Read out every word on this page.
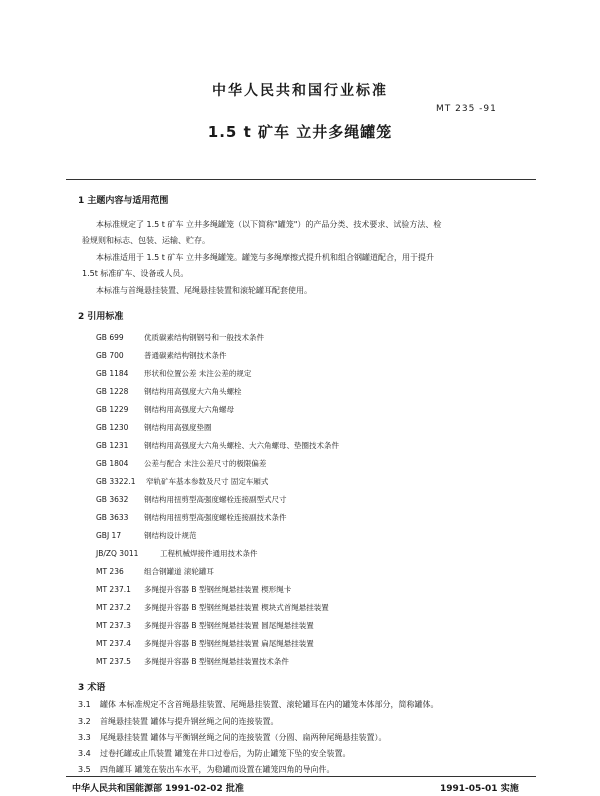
中华人民共和国行业标准
MT 235 -91
1.5 t 矿车 立井多绳罐笼
1 主题内容与适用范围
本标准规定了 1.5 t 矿车 立井多绳罐笼（以下简称"罐笼"）的产品分类、技术要求、试验方法、检
验规则和标志、包装、运输、贮存。
本标准适用于 1.5 t 矿车 立井多绳罐笼。罐笼与多绳摩擦式提升机和组合钢罐道配合，用于提升
1.5t 标准矿车、设备或人员。
本标准与首绳悬挂装置、尾绳悬挂装置和滚轮罐耳配套使用。
2 引用标准
GB 699	优质碳素结构钢钢号和一般技术条件
GB 700	普通碳素结构钢技术条件
GB 1184 形状和位置公差 未注公差的规定
GB 1228 钢结构用高强度大六角头螺栓
GB 1229 钢结构用高强度大六角螺母
GB 1230 钢结构用高强度垫圈
GB 1231 钢结构用高强度大六角头螺栓、大六角螺母、垫圈技术条件
GB 1804 公差与配合 未注公差尺寸的极限偏差
GB 3322.1 窄轨矿车基本参数及尺寸 固定车厢式
GB 3632 钢结构用扭剪型高强度螺栓连接副型式尺寸
GB 3633 钢结构用扭剪型高强度螺栓连接副技术条件
GBJ 17	钢结构设计规范
JB/ZQ 3011	工程机械焊接件通用技术条件
MT 236	组合钢罐道 滚轮罐耳
MT 237.1 多绳提升容器 B 型钢丝绳悬挂装置 楔形绳卡
MT 237.2 多绳提升容器 B 型钢丝绳悬挂装置 楔块式首绳悬挂装置
MT 237.3 多绳提升容器 B 型钢丝绳悬挂装置 圆尾绳悬挂装置
MT 237.4 多绳提升容器 B 型钢丝绳悬挂装置 扁尾绳悬挂装置
MT 237.5 多绳提升容器 B 型钢丝绳悬挂装置技术条件
3 术语
3.1 罐体 本标准规定不含首绳悬挂装置、尾绳悬挂装置、滚轮罐耳在内的罐笼本体部分，简称罐体。
3.2 首绳悬挂装置 罐体与提升钢丝绳之间的连接装置。
3.3 尾绳悬挂装置 罐体与平衡钢丝绳之间的连接装置（分圆、扁两种尾绳悬挂装置）。
3.4 过卷托罐或止爪装置 罐笼在井口过卷后，为防止罐笼下坠的安全装置。
3.5 四角罐耳 罐笼在装出车水平，为稳罐而设置在罐笼四角的导向件。
中华人民共和国能源部 1991-02-02 批准	1991-05-01 实施
